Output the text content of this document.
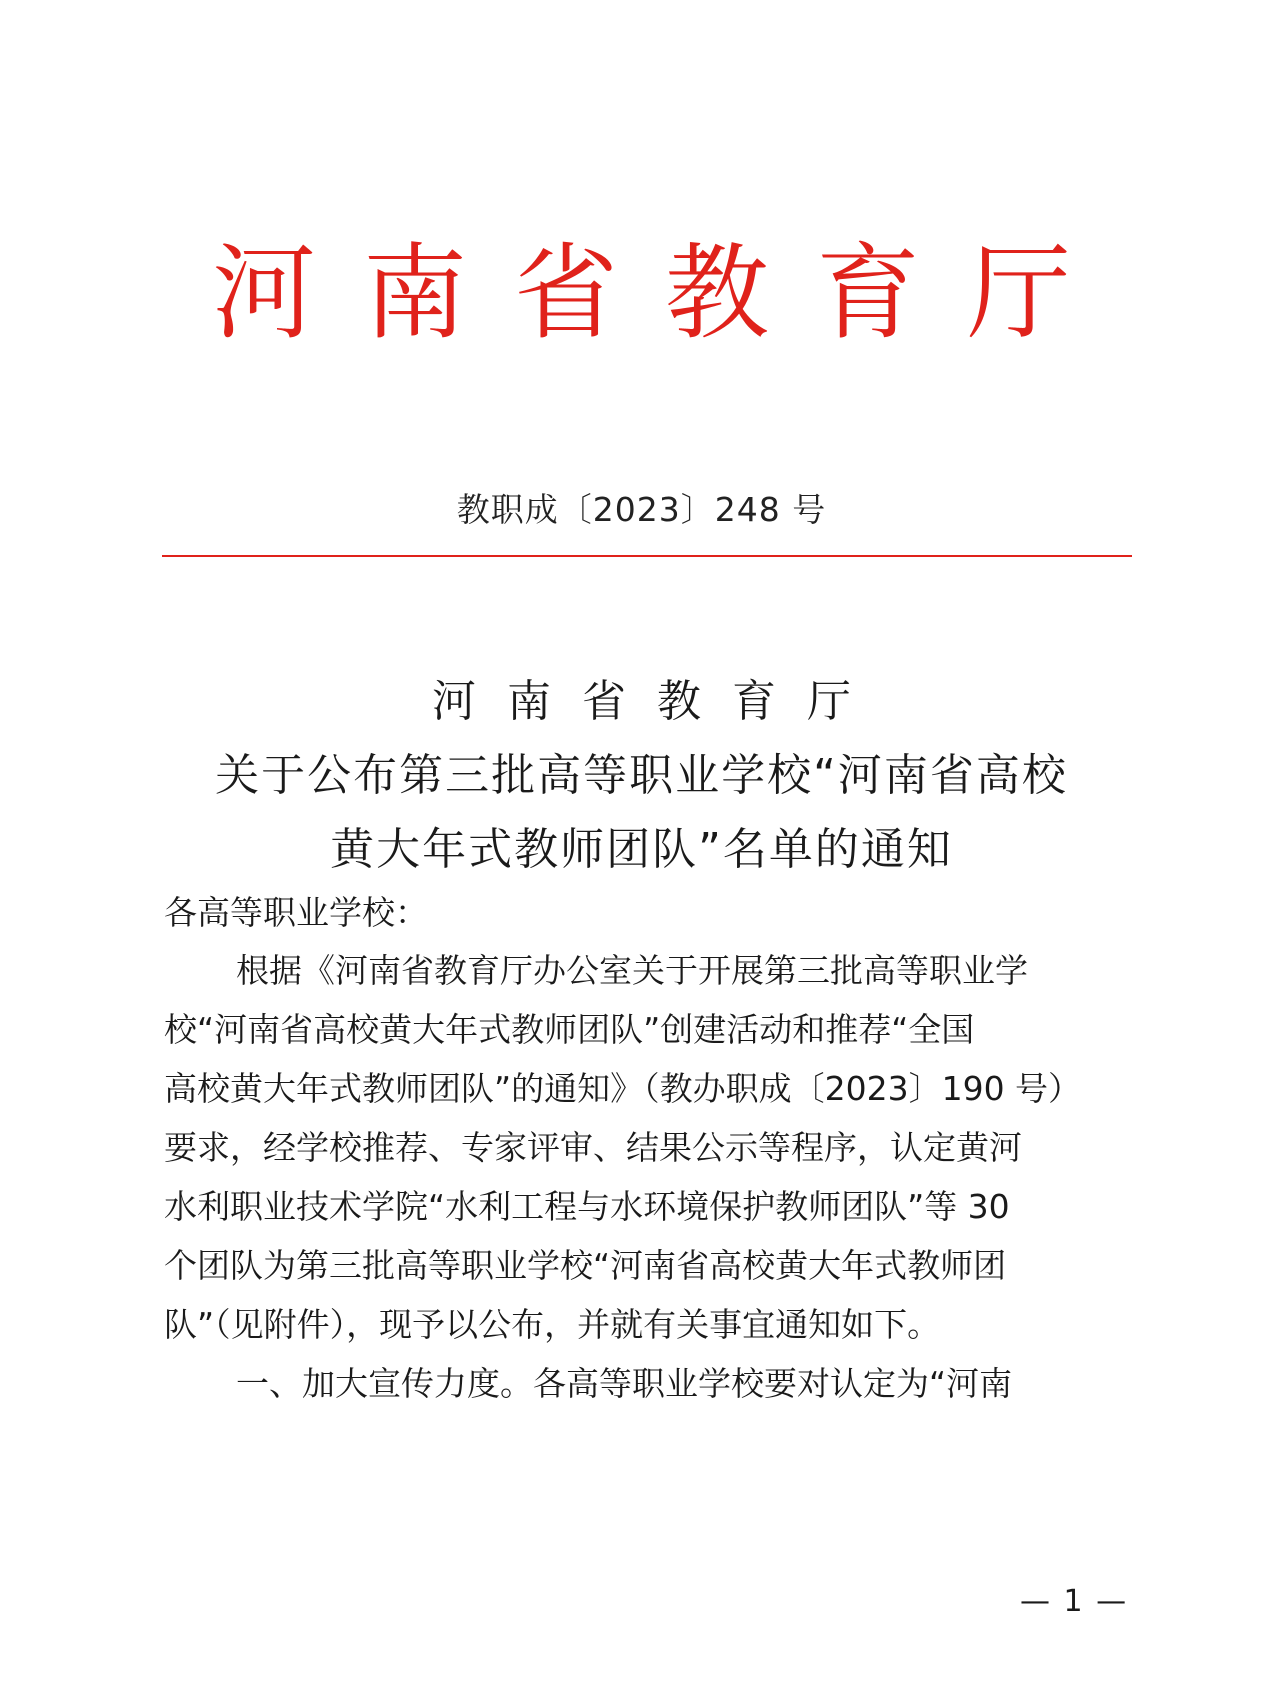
河南省教育厅
教职成〔2023〕248 号
河南省教育厅
关于公布第三批高等职业学校“河南省高校
黄大年式教师团队”名单的通知
各高等职业学校：
根据《河南省教育厅办公室关于开展第三批高等职业学
校“河南省高校黄大年式教师团队”创建活动和推荐“全国
高校黄大年式教师团队”的通知》（教办职成〔2023〕190 号）
要求，经学校推荐、专家评审、结果公示等程序，认定黄河
水利职业技术学院“水利工程与水环境保护教师团队”等 30
个团队为第三批高等职业学校“河南省高校黄大年式教师团
队”（见附件），现予以公布，并就有关事宜通知如下。
一、加大宣传力度。各高等职业学校要对认定为“河南
— 1 —
